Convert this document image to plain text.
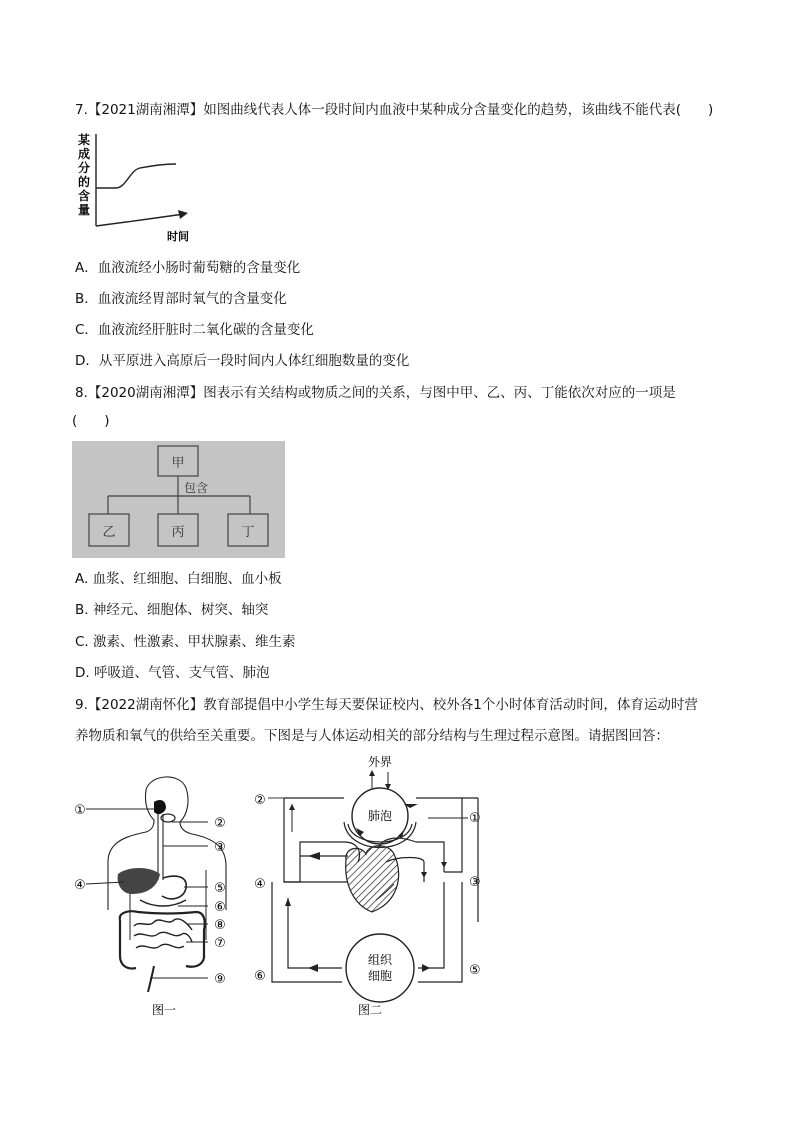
7.【2021湖南湘潭】如图曲线代表人体一段时间内血液中某种成分含量变化的趋势，该曲线不能代表(　　)
某
成
分
的
含
量
时间
A．血液流经小肠时葡萄糖的含量变化
B．血液流经胃部时氧气的含量变化
C．血液流经肝脏时二氧化碳的含量变化
D．从平原进入高原后一段时间内人体红细胞数量的变化
8.【2020湖南湘潭】图表示有关结构或物质之间的关系，与图中甲、乙、丙、丁能依次对应的一项是
(　　)
甲
包含
乙	丙	丁
A. 血浆、红细胞、白细胞、血小板
B. 神经元、细胞体、树突、轴突
C. 激素、性激素、甲状腺素、维生素
D. 呼吸道、气管、支气管、肺泡
9.【2022湖南怀化】教育部提倡中小学生每天要保证校内、校外各1个小时体育活动时间，体育运动时营
养物质和氧气的供给至关重要。下图是与人体运动相关的部分结构与生理过程示意图。请据图回答：
①
②
③
④	⑤
⑥
⑧
⑦
⑨
图一
外界
肺泡
组织
细胞
②
①
④	③
⑥	⑤
图二
